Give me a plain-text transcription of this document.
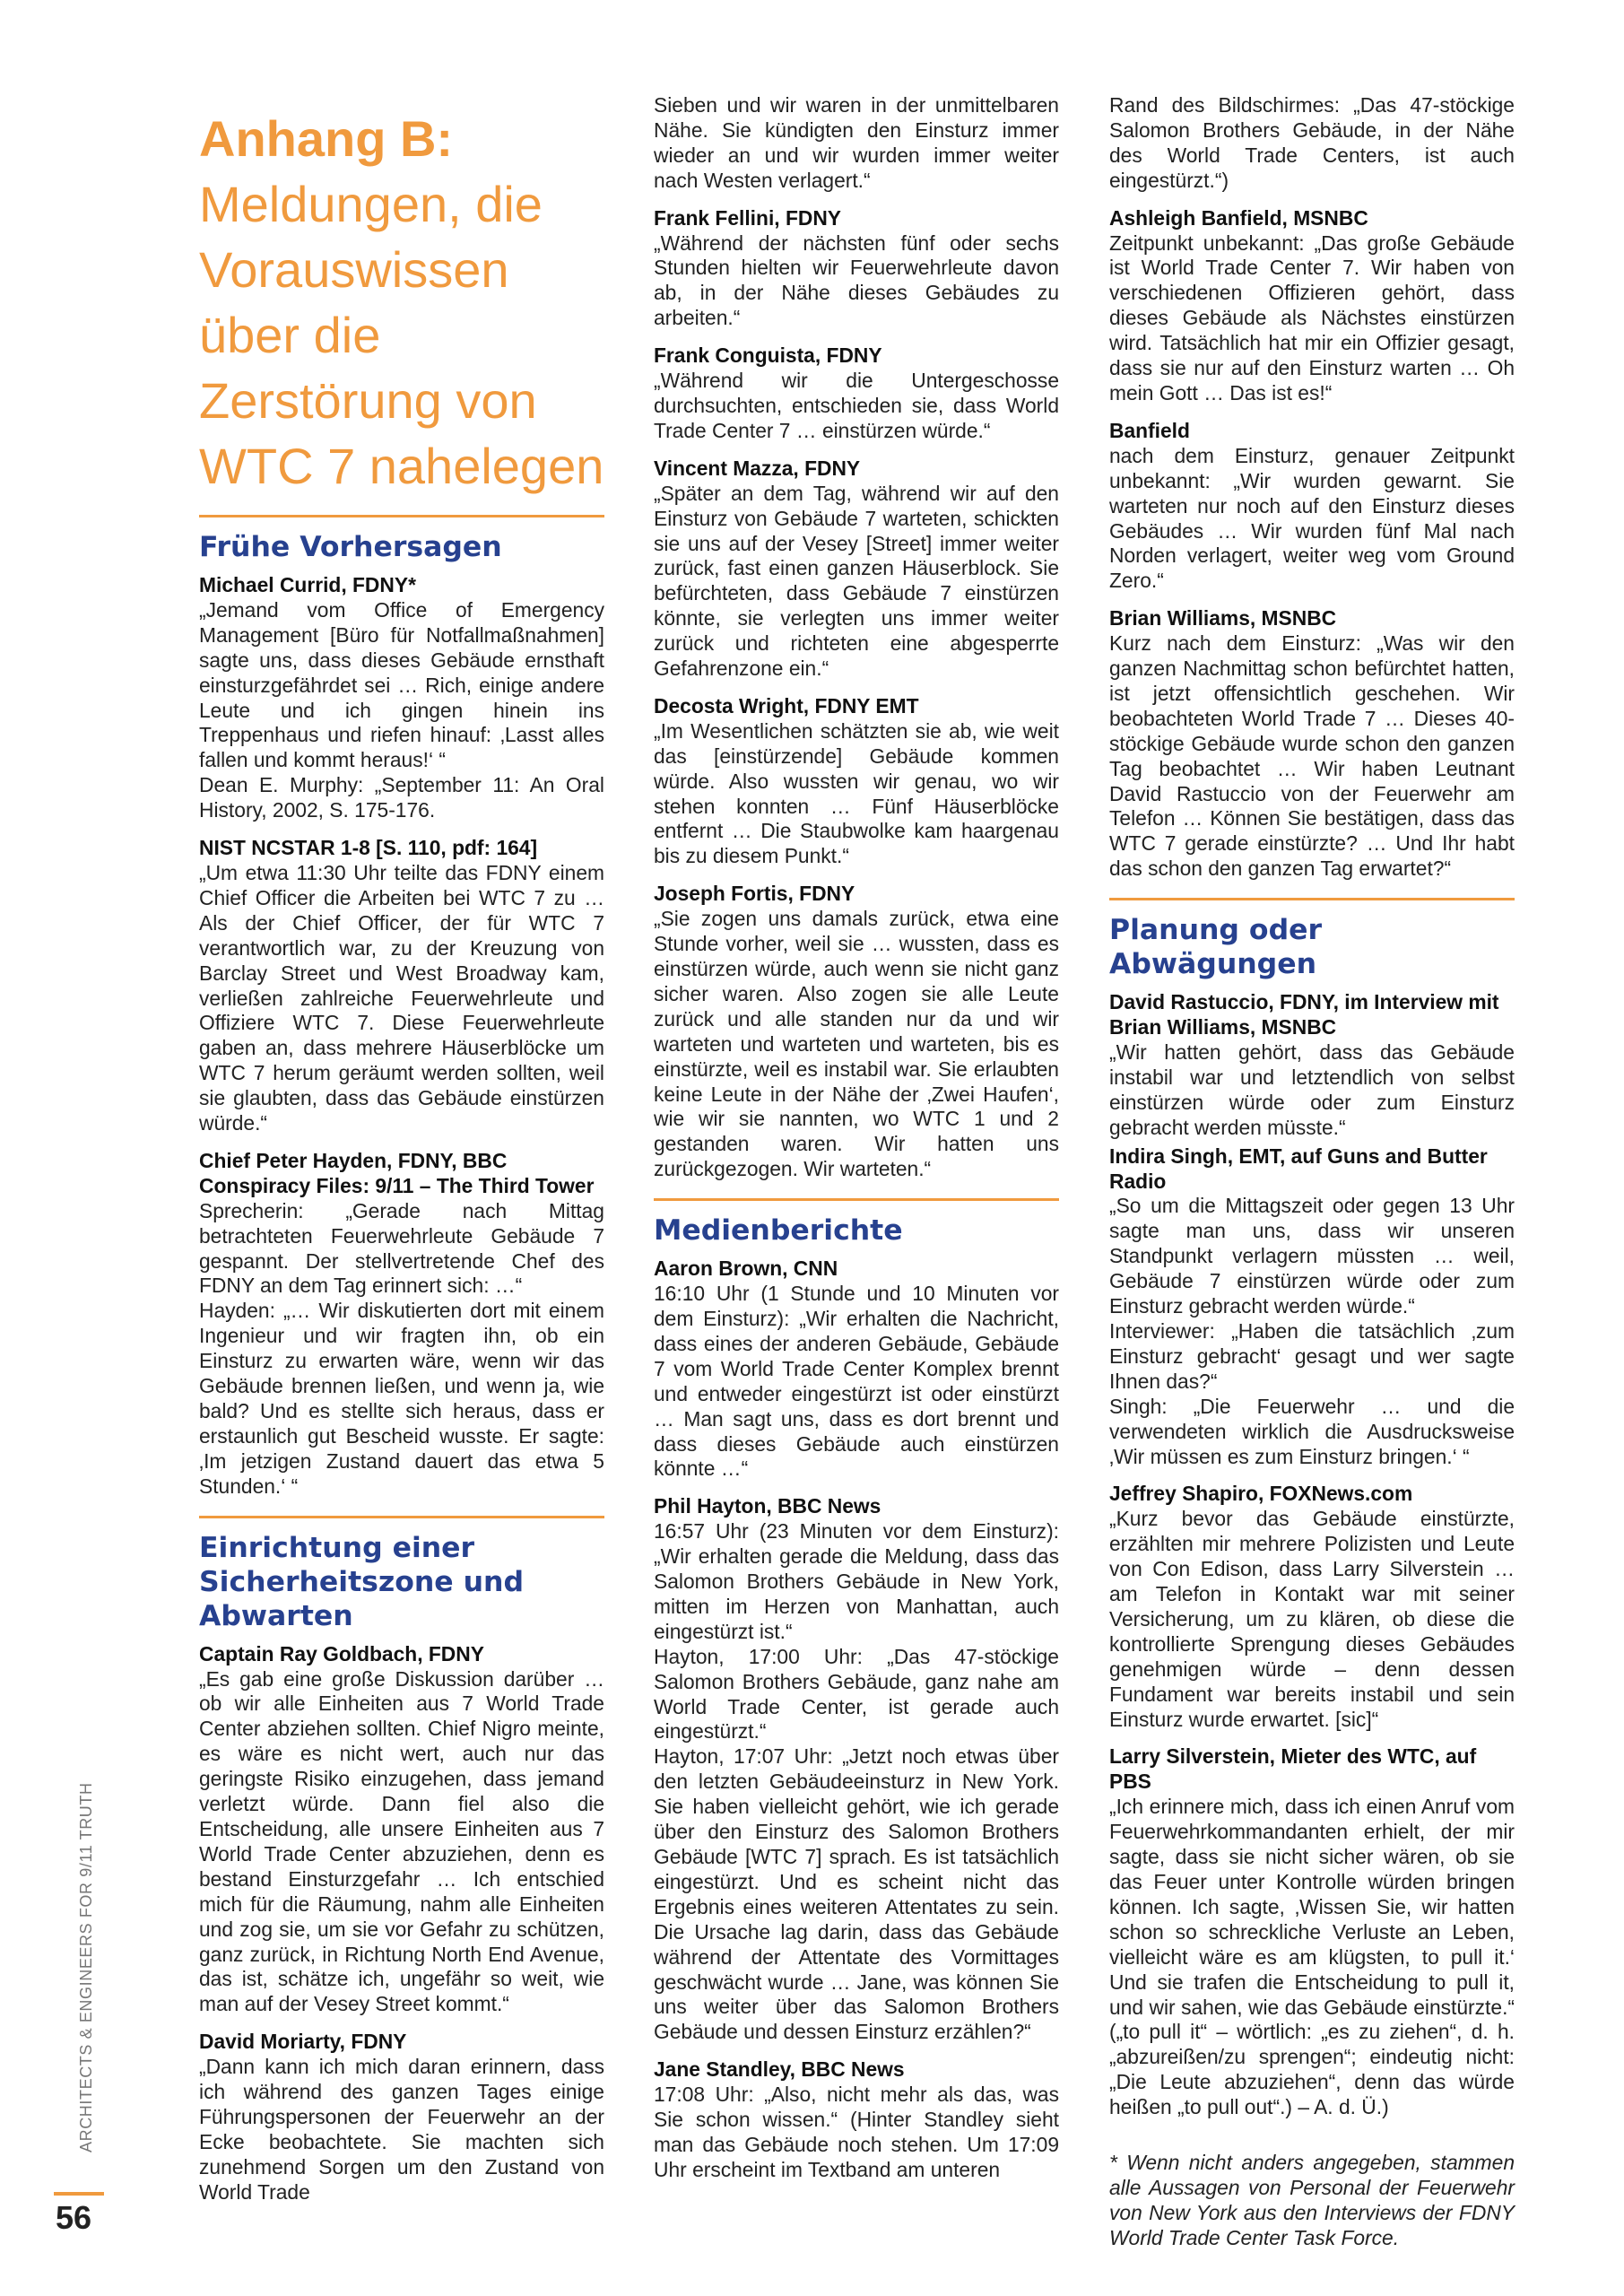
Anhang B:
Meldungen, die
Vorauswissen
über die
Zerstörung von
WTC 7 nahelegen
Frühe Vorhersagen
Michael Currid, FDNY*

„Jemand vom Office of Emergency Management [Büro für Notfallmaßnahmen] sagte uns, dass dieses Gebäude ernsthaft einsturzgefährdet sei … Rich, einige andere Leute und ich gingen hinein ins Treppenhaus und riefen hinauf: ‚Lasst alles fallen und kommt heraus!‘ “

Dean E. Murphy: „September 11: An Oral History, 2002, S. 175-176.

NIST NCSTAR 1-8 [S. 110, pdf: 164]

„Um etwa 11:30 Uhr teilte das FDNY einem Chief Officer die Arbeiten bei WTC 7 zu … Als der Chief Officer, der für WTC 7 verantwortlich war, zu der Kreuzung von Barclay Street und West Broadway kam, verließen zahlreiche Feuerwehrleute und Offiziere WTC 7. Diese Feuerwehrleute gaben an, dass mehrere Häuserblöcke um WTC 7 herum geräumt werden sollten, weil sie glaubten, dass das Gebäude einstürzen würde.“

Chief Peter Hayden, FDNY, BBC Conspiracy Files: 9/11 – The Third Tower

Sprecherin: „Gerade nach Mittag betrachteten Feuerwehrleute Gebäude 7 gespannt. Der stellvertretende Chef des FDNY an dem Tag erinnert sich: …“

Hayden: „… Wir diskutierten dort mit einem Ingenieur und wir fragten ihn, ob ein Einsturz zu erwarten wäre, wenn wir das Gebäude brennen ließen, und wenn ja, wie bald? Und es stellte sich heraus, dass er erstaunlich gut Bescheid wusste. Er sagte: ‚Im jetzigen Zustand dauert das etwa 5 Stunden.‘ “

Einrichtung einer Sicherheitszone und Abwarten
Captain Ray Goldbach, FDNY

„Es gab eine große Diskussion darüber … ob wir alle Einheiten aus 7 World Trade Center abziehen sollten. Chief Nigro meinte, es wäre es nicht wert, auch nur das geringste Risiko einzugehen, dass jemand verletzt würde. Dann fiel also die Entscheidung, alle unsere Einheiten aus 7 World Trade Center abzuziehen, denn es bestand Einsturzgefahr … Ich entschied mich für die Räumung, nahm alle Einheiten und zog sie, um sie vor Gefahr zu schützen, ganz zurück, in Richtung North End Avenue, das ist, schätze ich, ungefähr so weit, wie man auf der Vesey Street kommt.“

David Moriarty, FDNY

„Dann kann ich mich daran erinnern, dass ich während des ganzen Tages einige Führungspersonen der Feuerwehr an der Ecke beobachtete. Sie machten sich zunehmend Sorgen um den Zustand von World Trade

Sieben und wir waren in der unmittelbaren Nähe. Sie kündigten den Einsturz immer wieder an und wir wurden immer weiter nach Westen verlagert.“

Frank Fellini, FDNY

„Während der nächsten fünf oder sechs Stunden hielten wir Feuerwehrleute davon ab, in der Nähe dieses Gebäudes zu arbeiten.“

Frank Conguista, FDNY

„Während wir die Untergeschosse durchsuchten, entschieden sie, dass World Trade Center 7 … einstürzen würde.“

Vincent Mazza, FDNY

„Später an dem Tag, während wir auf den Einsturz von Gebäude 7 warteten, schickten sie uns auf der Vesey [Street] immer weiter zurück, fast einen ganzen Häuserblock. Sie befürchteten, dass Gebäude 7 einstürzen könnte, sie verlegten uns immer weiter zurück und richteten eine abgesperrte Gefahrenzone ein.“

Decosta Wright, FDNY EMT

„Im Wesentlichen schätzten sie ab, wie weit das [einstürzende] Gebäude kommen würde. Also wussten wir genau, wo wir stehen konnten … Fünf Häuserblöcke entfernt … Die Staubwolke kam haargenau bis zu diesem Punkt.“

Joseph Fortis, FDNY

„Sie zogen uns damals zurück, etwa eine Stunde vorher, weil sie … wussten, dass es einstürzen würde, auch wenn sie nicht ganz sicher waren. Also zogen sie alle Leute zurück und alle standen nur da und wir warteten und warteten und warteten, bis es einstürzte, weil es instabil war. Sie erlaubten keine Leute in der Nähe der ‚Zwei Haufen‘, wie wir sie nannten, wo WTC 1 und 2 gestanden waren. Wir hatten uns zurückgezogen. Wir warteten.“

Medienberichte
Aaron Brown, CNN

16:10 Uhr (1 Stunde und 10 Minuten vor dem Einsturz): „Wir erhalten die Nachricht, dass eines der anderen Gebäude, Gebäude 7 vom World Trade Center Komplex brennt und entweder eingestürzt ist oder einstürzt … Man sagt uns, dass es dort brennt und dass dieses Gebäude auch einstürzen könnte …“

Phil Hayton, BBC News

16:57 Uhr (23 Minuten vor dem Einsturz): „Wir erhalten gerade die Meldung, dass das Salomon Brothers Gebäude in New York, mitten im Herzen von Manhattan, auch eingestürzt ist.“

Hayton, 17:00 Uhr: „Das 47-stöckige Salomon Brothers Gebäude, ganz nahe am World Trade Center, ist gerade auch eingestürzt.“

Hayton, 17:07 Uhr: „Jetzt noch etwas über den letzten Gebäudeeinsturz in New York. Sie haben vielleicht gehört, wie ich gerade über den Einsturz des Salomon Brothers Gebäude [WTC 7] sprach. Es ist tatsächlich eingestürzt. Und es scheint nicht das Ergebnis eines weiteren Attentates zu sein. Die Ursache lag darin, dass das Gebäude während der Attentate des Vormittages geschwächt wurde … Jane, was können Sie uns weiter über das Salomon Brothers Gebäude und dessen Einsturz erzählen?“

Jane Standley, BBC News

17:08 Uhr: „Also, nicht mehr als das, was Sie schon wissen.“ (Hinter Standley sieht man das Gebäude noch stehen. Um 17:09 Uhr erscheint im Textband am unteren

Rand des Bildschirmes: „Das 47-stöckige Salomon Brothers Gebäude, in der Nähe des World Trade Centers, ist auch eingestürzt.“)

Ashleigh Banfield, MSNBC

Zeitpunkt unbekannt: „Das große Gebäude ist World Trade Center 7. Wir haben von verschiedenen Offizieren gehört, dass dieses Gebäude als Nächstes einstürzen wird. Tatsächlich hat mir ein Offizier gesagt, dass sie nur auf den Einsturz warten … Oh mein Gott … Das ist es!“

Banfield

nach dem Einsturz, genauer Zeitpunkt unbekannt: „Wir wurden gewarnt. Sie warteten nur noch auf den Einsturz dieses Gebäudes … Wir wurden fünf Mal nach Norden verlagert, weiter weg vom Ground Zero.“

Brian Williams, MSNBC

Kurz nach dem Einsturz: „Was wir den ganzen Nachmittag schon befürchtet hatten, ist jetzt offensichtlich geschehen. Wir beobachteten World Trade 7 … Dieses 40-stöckige Gebäude wurde schon den ganzen Tag beobachtet … Wir haben Leutnant David Rastuccio von der Feuerwehr am Telefon … Können Sie bestätigen, dass das WTC 7 gerade einstürzte? … Und Ihr habt das schon den ganzen Tag erwartet?“

Planung oder Abwägungen
David Rastuccio, FDNY, im Interview mit Brian Williams, MSNBC

„Wir hatten gehört, dass das Gebäude instabil war und letztendlich von selbst einstürzen würde oder zum Einsturz gebracht werden müsste.“

Indira Singh, EMT, auf Guns and Butter Radio

„So um die Mittagszeit oder gegen 13 Uhr sagte man uns, dass wir unseren Standpunkt verlagern müssten … weil, Gebäude 7 einstürzen würde oder zum Einsturz gebracht werden würde.“

Interviewer: „Haben die tatsächlich ‚zum Einsturz gebracht‘ gesagt und wer sagte Ihnen das?“

Singh: „Die Feuerwehr … und die verwendeten wirklich die Ausdrucksweise ‚Wir müssen es zum Einsturz bringen.‘ “

Jeffrey Shapiro, FOXNews.com

„Kurz bevor das Gebäude einstürzte, erzählten mir mehrere Polizisten und Leute von Con Edison, dass Larry Silverstein … am Telefon in Kontakt war mit seiner Versicherung, um zu klären, ob diese die kontrollierte Sprengung dieses Gebäudes genehmigen würde – denn dessen Fundament war bereits instabil und sein Einsturz wurde erwartet. [sic]“

Larry Silverstein, Mieter des WTC, auf PBS

„Ich erinnere mich, dass ich einen Anruf vom Feuerwehrkommandanten erhielt, der mir sagte, dass sie nicht sicher wären, ob sie das Feuer unter Kontrolle würden bringen können. Ich sagte, ‚Wissen Sie, wir hatten schon so schreckliche Verluste an Leben, vielleicht wäre es am klügsten, to pull it.‘ Und sie trafen die Entscheidung to pull it, und wir sahen, wie das Gebäude einstürzte.“ („to pull it“ – wörtlich: „es zu ziehen“, d. h. „abzureißen/zu sprengen“; eindeutig nicht: „Die Leute abzuziehen“, denn das würde heißen „to pull out“.) – A. d. Ü.)

* Wenn nicht anders angegeben, stammen alle Aussagen von Personal der Feuerwehr von New York aus den Interviews der FDNY World Trade Center Task Force.
ARCHITECTS & ENGINEERS FOR 9/11 TRUTH
56
